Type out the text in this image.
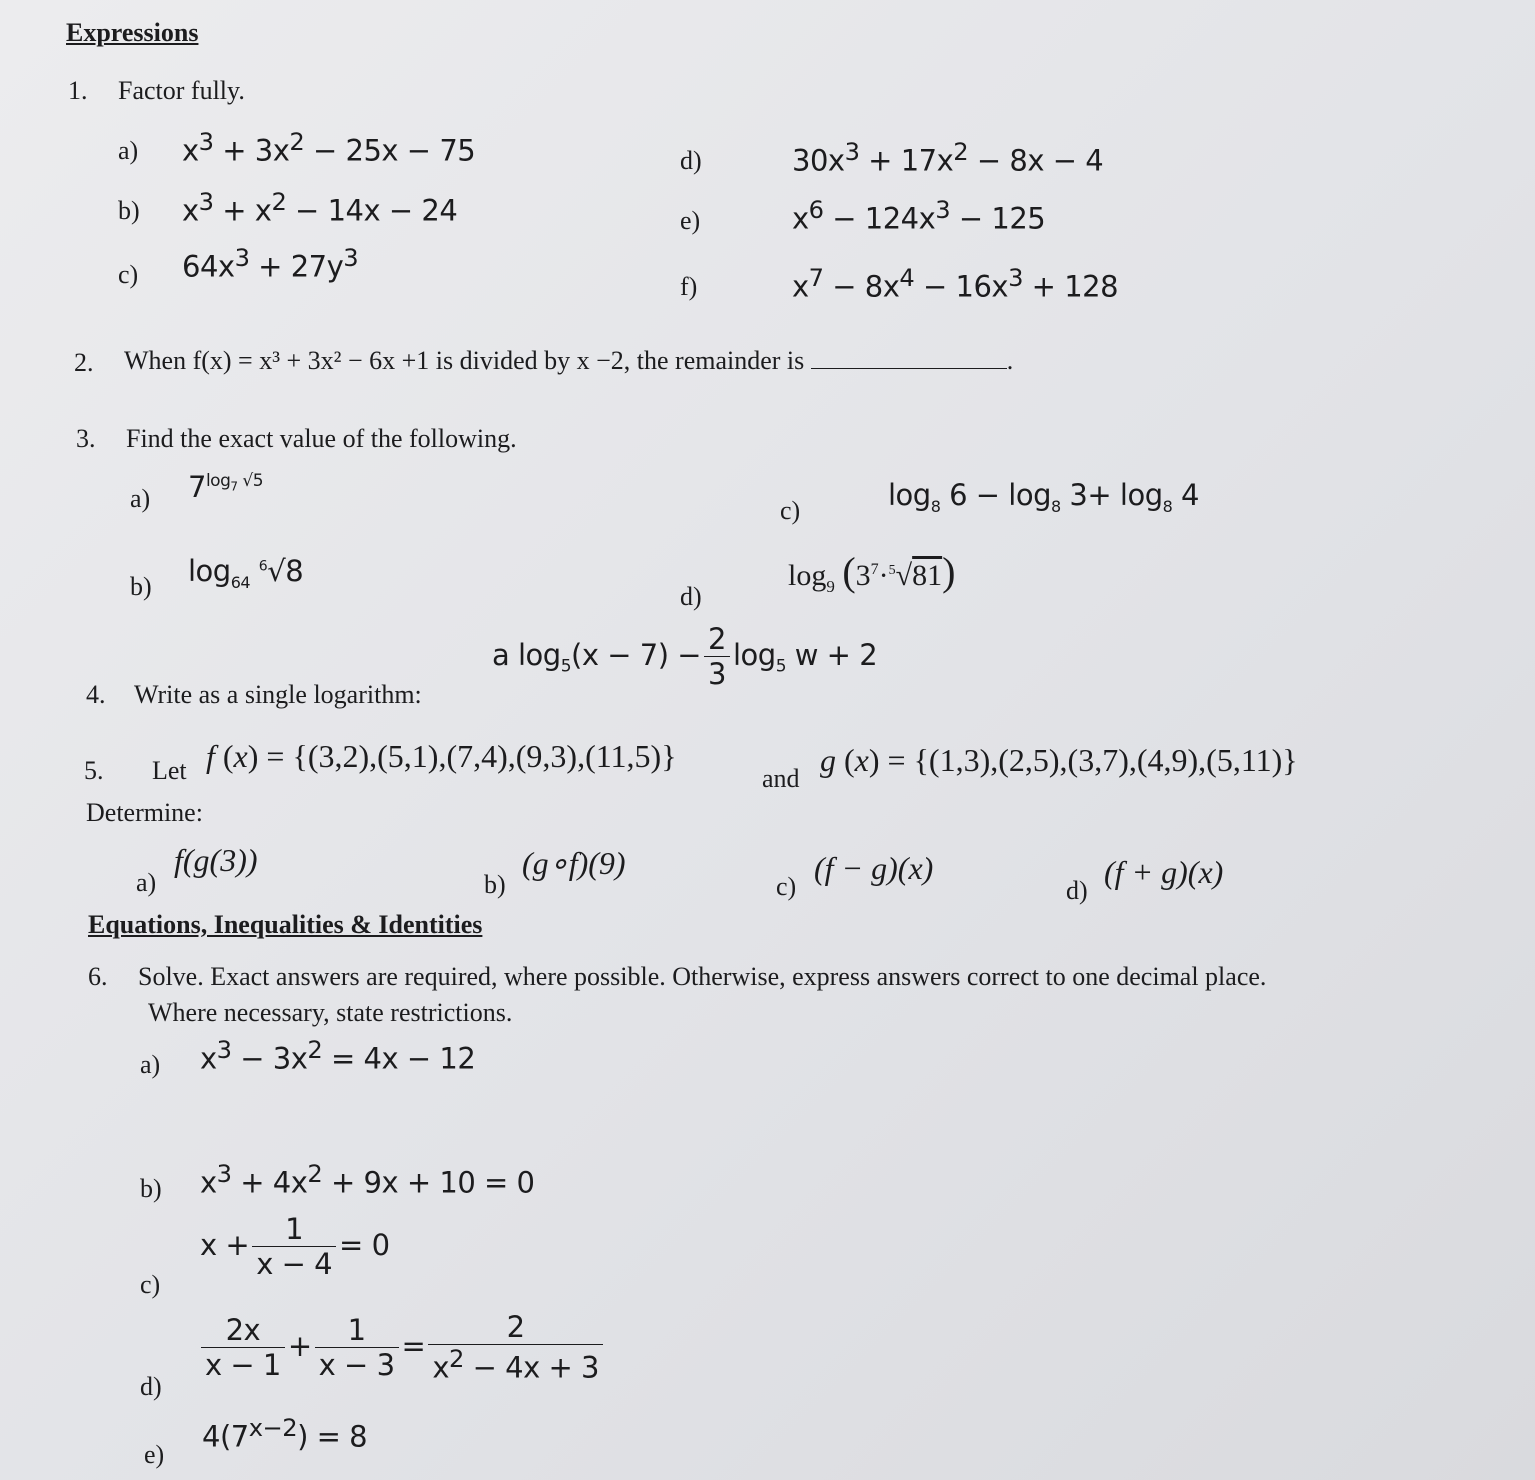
Expressions
1. Factor fully.
a) $x^3 + 3x^2 - 25x - 75$
b) $x^3 + x^2 - 14x - 24$
c) $64x^3 + 27y^3$
d)	$30x^3 + 17x^2 - 8x - 4$
e)	$x^6 - 124x^3 - 125$
f)	$x^7 - 8x^4 - 16x^3 + 128$
2. When f(x) = x³ + 3x² − 6x +1 is divided by x −2, the remainder is	.
3. Find the exact value of the following.
a) $7^{log_7 √5}$
b) $\log_{64} ^6√8$
c)	$\log_8 6 - \log_8 3+ \log_8 4$
d)
$\log_9 (3^7\cdot^5√81)$
4. Write as a single logarithm:
a $\log_5(x - 7) - \frac{2}{3} \log_5 w + 2$
5. Let f (x) = {(3,2),(5,1),(7,4),(9,3),(11,5)}
and
g (x) = {(1,3),(2,5),(3,7),(4,9),(5,11)}
Determine:
a)
f(g(3))
b)
(g∘f)(9)
c)
(f − g)(x)
d)
(f + g)(x)
Equations, Inequalities & Identities
6. Solve. Exact answers are required, where possible. Otherwise, express answers correct to one decimal place.
Where necessary, state restrictions.
a) $x^3 - 3x^2 = 4x - 12$
b) $x^3 + 4x^2 + 9x + 10 = 0$
c)
$x + \frac{1}{x - 4} = 0$
d)
$\frac{2x}{x - 1} + \frac{1}{x - 3} = \frac{2}{x^2 - 4x + 3}$
e)
$4(7^{x-2}) = 8$
